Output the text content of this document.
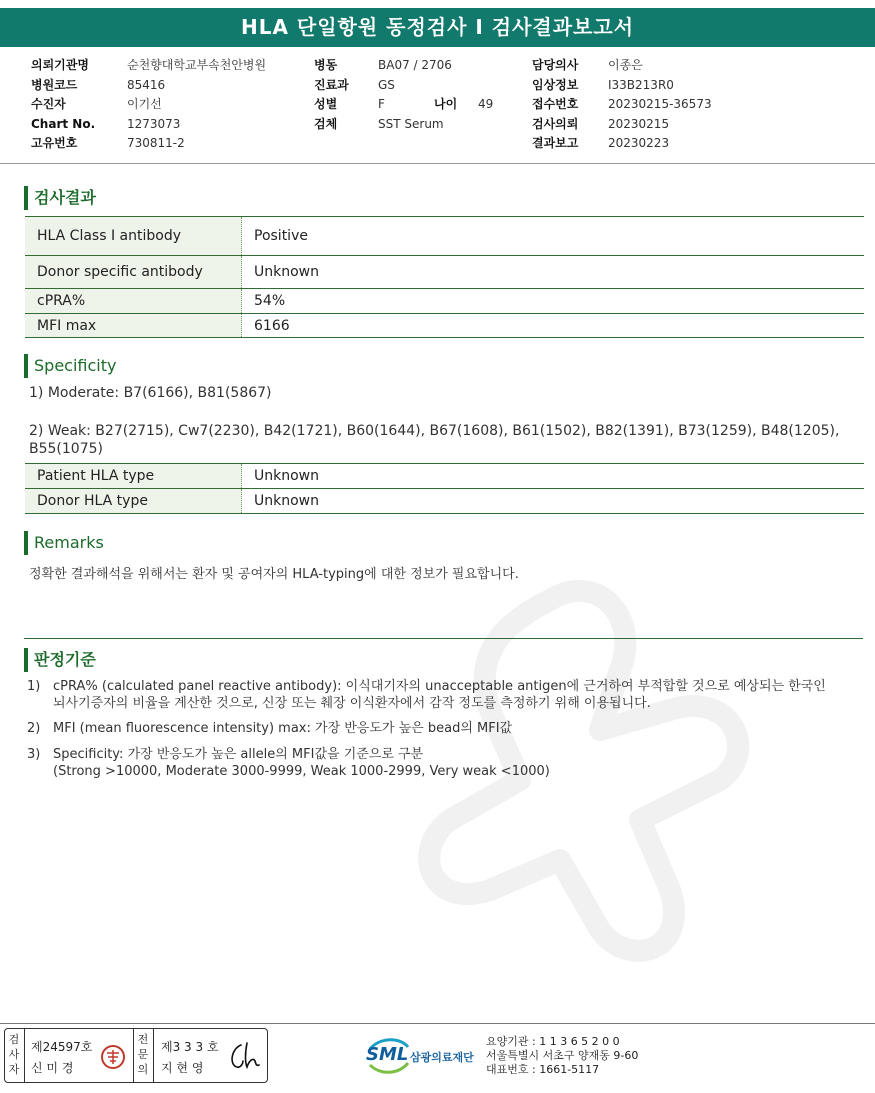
HLA 단일항원 동정검사 I 검사결과보고서
의뢰기관명	순천향대학교부속천안병원
병원코드	85416
수진자	이기선
Chart No.	1273073
고유번호	730811-2
병동	BA07 / 2706
진료과 GS
성별	F	나이 49
검체	SST Serum
담당의사 이종은
임상정보 I33B213R0
접수번호 20230215-36573
검사의뢰 20230215
결과보고 20230223
검사결과
HLA Class I antibody	Positive
Donor specific antibody	Unknown
cPRA%	54%
MFI max	6166
Specificity
1) Moderate: B7(6166), B81(5867)
2) Weak: B27(2715), Cw7(2230), B42(1721), B60(1644), B67(1608), B61(1502), B82(1391), B73(1259), B48(1205),
B55(1075)
Patient HLA type	Unknown
Donor HLA type	Unknown
Remarks
정확한 결과해석을 위해서는 환자 및 공여자의 HLA-typing에 대한 정보가 필요합니다.
판정기준
1) cPRA% (calculated panel reactive antibody): 이식대기자의 unacceptable antigen에 근거하여 부적합할 것으로 예상되는 한국인
뇌사기증자의 비율을 계산한 것으로, 신장 또는 췌장 이식환자에서 감작 정도를 측정하기 위해 이용됩니다.
2) MFI (mean fluorescence intensity) max: 가장 반응도가 높은 bead의 MFI값
3) Specificity: 가장 반응도가 높은 allele의 MFI값을 기준으로 구분
(Strong >10000, Moderate 3000-9999, Weak 1000-2999, Very weak <1000)
검
사
자
제24597호
신 미 경
전
문
의
제3 3 3 호
지 현 영
SML 삼광의료재단
요양기관 : 1 1 3 6 5 2 0 0
서울특별시 서초구 양재동 9-60
대표번호 : 1661-5117
